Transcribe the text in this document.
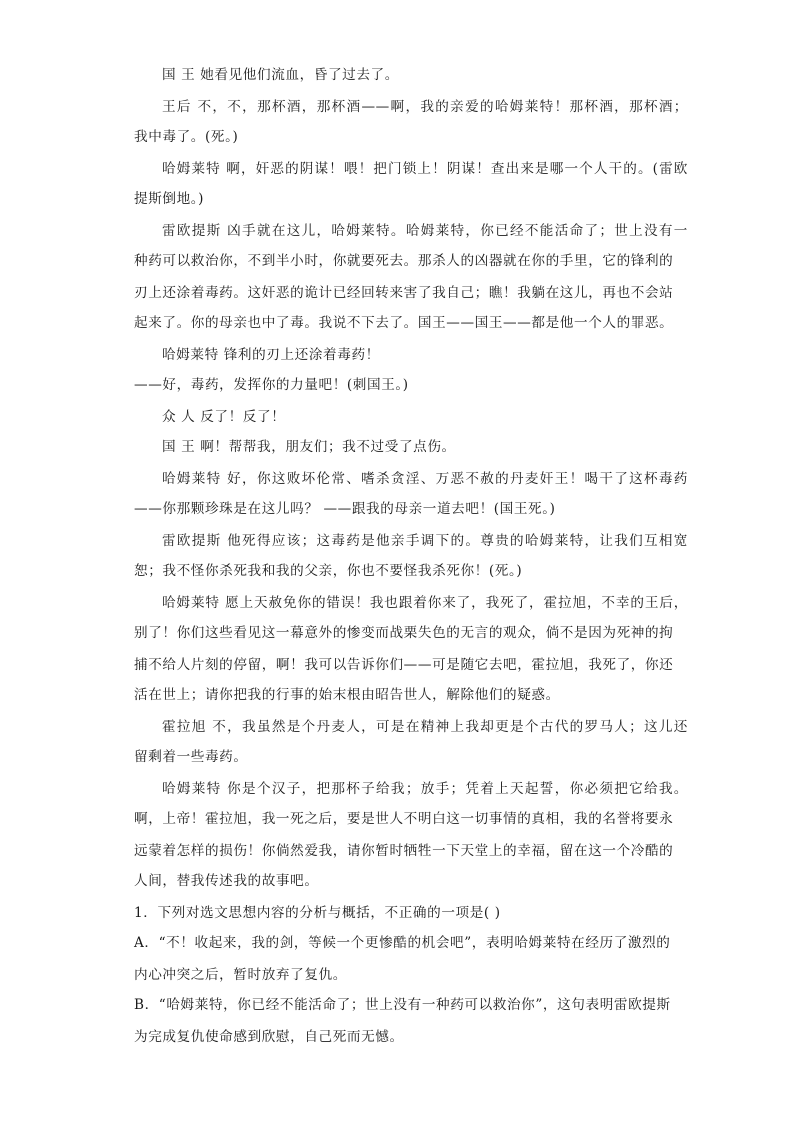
国 王 她看见他们流血，昏了过去了。
王后 不，不，那杯酒，那杯酒——啊，我的亲爱的哈姆莱特！那杯酒，那杯酒；
我中毒了。(死。)
哈姆莱特 啊，奸恶的阴谋！喂！把门锁上！阴谋！查出来是哪一个人干的。(雷欧
提斯倒地。)
雷欧提斯 凶手就在这儿，哈姆莱特。哈姆莱特，你已经不能活命了；世上没有一
种药可以救治你，不到半小时，你就要死去。那杀人的凶器就在你的手里，它的锋利的
刃上还涂着毒药。这奸恶的诡计已经回转来害了我自己；瞧！我躺在这儿，再也不会站
起来了。你的母亲也中了毒。我说不下去了。国王——国王——都是他一个人的罪恶。
哈姆莱特 锋利的刃上还涂着毒药！
——好，毒药，发挥你的力量吧！(刺国王。)
众 人 反了！反了！
国 王 啊！帮帮我，朋友们；我不过受了点伤。
哈姆莱特 好，你这败坏伦常、嗜杀贪淫、万恶不赦的丹麦奸王！喝干了这杯毒药
——你那颗珍珠是在这儿吗？ ——跟我的母亲一道去吧！(国王死。)
雷欧提斯 他死得应该；这毒药是他亲手调下的。尊贵的哈姆莱特，让我们互相宽
恕；我不怪你杀死我和我的父亲，你也不要怪我杀死你！(死。)
哈姆莱特 愿上天赦免你的错误！我也跟着你来了，我死了，霍拉旭，不幸的王后，
别了！你们这些看见这一幕意外的惨变而战栗失色的无言的观众，倘不是因为死神的拘
捕不给人片刻的停留，啊！我可以告诉你们——可是随它去吧，霍拉旭，我死了，你还
活在世上；请你把我的行事的始末根由昭告世人，解除他们的疑惑。
霍拉旭 不，我虽然是个丹麦人，可是在精神上我却更是个古代的罗马人；这儿还
留剩着一些毒药。
哈姆莱特 你是个汉子，把那杯子给我；放手；凭着上天起誓，你必须把它给我。
啊，上帝！霍拉旭，我一死之后，要是世人不明白这一切事情的真相，我的名誉将要永
远蒙着怎样的损伤！你倘然爱我，请你暂时牺牲一下天堂上的幸福，留在这一个冷酷的
人间，替我传述我的故事吧。
1．下列对选文思想内容的分析与概括，不正确的一项是( )
A．“不！收起来，我的剑，等候一个更惨酷的机会吧”，表明哈姆莱特在经历了激烈的
内心冲突之后，暂时放弃了复仇。
B．“哈姆莱特，你已经不能活命了；世上没有一种药可以救治你”，这句表明雷欧提斯
为完成复仇使命感到欣慰，自己死而无憾。
